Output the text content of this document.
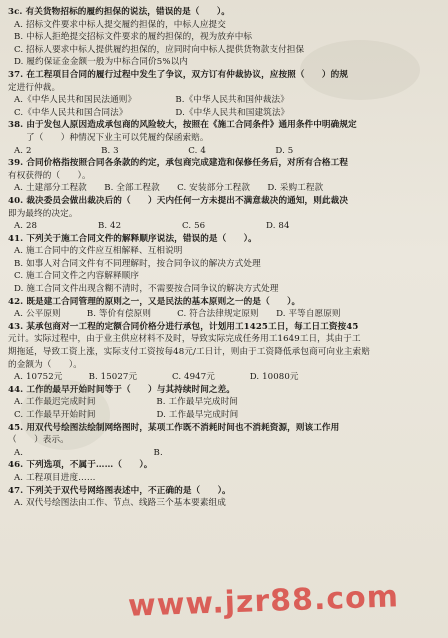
3c. 有关货物招标的履约担保的说法，错误的是（　　）。
A. 招标文件要求中标人提交履约担保的，中标人应提交
B. 中标人拒绝提交招标文件要求的履约担保的，视为放弃中标
C. 招标人要求中标人提供履约担保的，应同时向中标人提供货物款支付担保
D. 履约保证金金额一般为中标合同价5%以内
37. 在工程项目合同的履行过程中发生了争议，双方订有仲裁协议，应按照（　　）的规
定进行仲裁。
A.《中华人民共和国民法通则》　　　　　B.《中华人民共和国仲裁法》
C.《中华人民共和国合同法》　　　　　　D.《中华人民共和国建筑法》
38. 由于发包人原因造成承包商的风险较大，按照在《施工合同条件》通用条件中明确规定
了（　　）种情况下业主可以凭履约保函索赔。
A. 2　　　　　　　　B. 3　　　　　　　　C. 4　　　　　　　　D. 5
39. 合同价格指按照合同各条款的约定，承包商完成建造和保修任务后，对所有合格工程
有权获得的（　　）。
A. 土建部分工程款　　B. 全部工程款　　C. 安装部分工程款　　D. 采购工程款
40. 裁决委员会做出裁决后的（　　）天内任何一方未提出不满意裁决的通知，则此裁决
即为最终的决定。
A. 28　　　　　　　B. 42　　　　　　　C. 56　　　　　　　D. 84
41. 下列关于施工合同文件的解释顺序说法，错误的是（　　）。
A. 施工合同中的文件应互相解释、互相说明
B. 如事人对合同文件有不同理解时，按合同争议的解决方式处理
C. 施工合同文件之内容解释顺序
D. 施工合同文件出现含糊不清时，不需要按合同争议的解决方式处理
42. 既是建工合同管理的原则之一，又是民法的基本原则之一的是（　　）。
A. 公平原则　　　B. 等价有偿原则　　　C. 符合法律规定原则　　D. 平等自愿原则
43. 某承包商对一工程的定额合同价格分进行承包，计划用工1425工日，每工日工资按45
元计。实际过程中，由于业主供应材料不及时，导致实际完成任务用工1649工日，其由于工
期拖延，导致工资上涨，实际支付工资按每48元/工日计，则由于工资降低承包商可向业主索赔
的金额为（　　）。
A. 10752元　　　B. 15027元　　　　C. 4947元　　　　D. 10080元
44. 工作的最早开始时间等于（　　）与其持续时间之差。
A. 工作最迟完成时间　　　　　　　B. 工作最早完成时间
C. 工作最早开始时间　　　　　　　D. 工作最早完成时间
45. 用双代号绘图法绘制网络图时，某项工作既不消耗时间也不消耗资源，则该工作用
（　　）表示。
A.　　　　　　　　　　　　　　　B.
46. 下列选项，不属于……（　　）。
A. 工程项目进度……
47. 下列关于双代号网络图表述中，不正确的是（　　）。
A. 双代号绘图法由工作、节点、线路三个基本要素组成
www.jzr88.com
